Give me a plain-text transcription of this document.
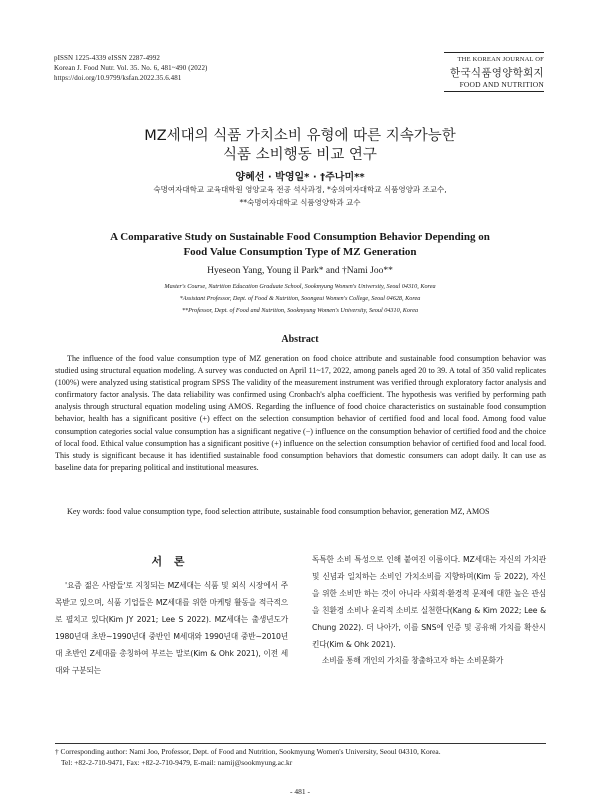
pISSN 1225-4339 eISSN 2287-4992
Korean J. Food Nutr. Vol. 35. No. 6, 481~490 (2022)
https://doi.org/10.9799/ksfan.2022.35.6.481
THE KOREAN JOURNAL OF
한국식품영양학회지
FOOD AND NUTRITION
MZ세대의 식품 가치소비 유형에 따른 지속가능한
식품 소비행동 비교 연구
양혜선 · 박영일* · †주나미**
숙명여자대학교 교육대학원 영양교육 전공 석사과정, *숭의여자대학교 식품영양과 조교수,
**숙명여자대학교 식품영양학과 교수
A Comparative Study on Sustainable Food Consumption Behavior Depending on
Food Value Consumption Type of MZ Generation
Hyeseon Yang, Young il Park* and †Nami Joo**
Master's Course, Nutrition Education Graduate School, Sookmyung Women's University, Seoul 04310, Korea
*Assistant Professor, Dept. of Food & Nutrition, Soongeui Women's College, Seoul 04628, Korea
**Professor, Dept. of Food and Nutrition, Sookmyung Women's University, Seoul 04310, Korea
Abstract
The influence of the food value consumption type of MZ generation on food choice attribute and sustainable food consumption behavior was studied using structural equation modeling. A survey was conducted on April 11~17, 2022, among panels aged 20 to 39. A total of 350 valid replicates (100%) were analyzed using statistical program SPSS The validity of the measurement instrument was verified through exploratory factor analysis and confirmatory factor analysis. The data reliability was confirmed using Cronbach's alpha coefficient. The hypothesis was verified by performing path analysis through structural equation modeling using AMOS. Regarding the influence of food choice characteristics on sustainable food consumption behavior, health has a significant positive (+) effect on the selection consumption behavior of certified food and local food. Among food value consumption categories social value consumption has a significant negative (−) influence on the consumption behavior of certified food and the choice of local food. Ethical value consumption has a significant positive (+) influence on the selection consumption behavior of certified food and local food. This study is significant because it has identified sustainable food consumption behaviors that domestic consumers can adopt daily. It can use as baseline data for preparing political and institutional measures.
Key words: food value consumption type, food selection attribute, sustainable food consumption behavior, generation MZ, AMOS
서 론
'요즘 젊은 사람들'로 지칭되는 MZ세대는 식품 및 외식 시장에서 주목받고 있으며, 식품 기업들은 MZ세대를 위한 마케팅 활동을 적극적으로 펼치고 있다(Kim JY 2021; Lee S 2022). MZ세대는 출생년도가 1980년대 초반~1990년대 중반인 M세대와 1990년대 중반~2010년대 초반인 Z세대를 총칭하여 부르는 말로(Kim & Ohk 2021), 이전 세대와 구분되는

독특한 소비 특성으로 인해 붙여진 이름이다. MZ세대는 자신의 가치관 및 신념과 일치하는 소비인 가치소비를 지향하며(Kim 등 2022), 자신을 위한 소비만 하는 것이 아니라 사회적·환경적 문제에 대한 높은 관심을 친환경 소비나 윤리적 소비로 실천한다(Kang & Kim 2022; Lee & Chung 2022). 더 나아가, 이를 SNS에 인증 및 공유해 가치를 확산시킨다(Kim & Ohk 2021).

소비를 통해 개인의 가치를 창출하고자 하는 소비문화가

† Corresponding author: Nami Joo, Professor, Dept. of Food and Nutrition, Sookmyung Women's University, Seoul 04310, Korea.
Tel: +82-2-710-9471, Fax: +82-2-710-9479, E-mail: namij@sookmyung.ac.kr
- 481 -
